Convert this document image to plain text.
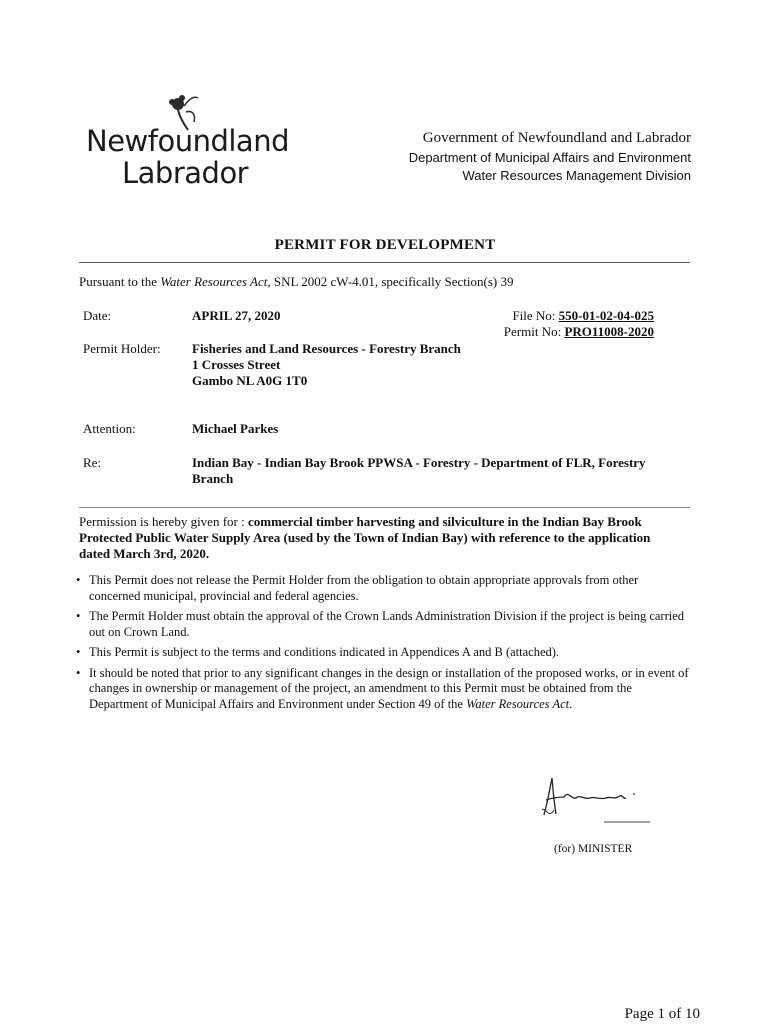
Newfoundland
Labrador
Government of Newfoundland and Labrador
Department of Municipal Affairs and Environment
Water Resources Management Division
PERMIT FOR DEVELOPMENT
Pursuant to the Water Resources Act, SNL 2002 cW-4.01, specifically Section(s) 39
Date:	APRIL 27, 2020	File No: 550-01-02-04-025
Permit No: PRO11008-2020
Permit Holder: Fisheries and Land Resources - Forestry Branch
1 Crosses Street
Gambo NL A0G 1T0
Attention:	Michael Parkes
Re:	Indian Bay - Indian Bay Brook PPWSA - Forestry - Department of FLR, Forestry Branch
Permission is hereby given for : commercial timber harvesting and silviculture in the Indian Bay Brook Protected Public Water Supply Area (used by the Town of Indian Bay) with reference to the application dated March 3rd, 2020.
• This Permit does not release the Permit Holder from the obligation to obtain appropriate approvals from other concerned municipal, provincial and federal agencies.
• The Permit Holder must obtain the approval of the Crown Lands Administration Division if the project is being carried out on Crown Land.
• This Permit is subject to the terms and conditions indicated in Appendices A and B (attached).
• It should be noted that prior to any significant changes in the design or installation of the proposed works, or in event of changes in ownership or management of the project, an amendment to this Permit must be obtained from the Department of Municipal Affairs and Environment under Section 49 of the Water Resources Act.
(for) MINISTER
Page 1 of 10
